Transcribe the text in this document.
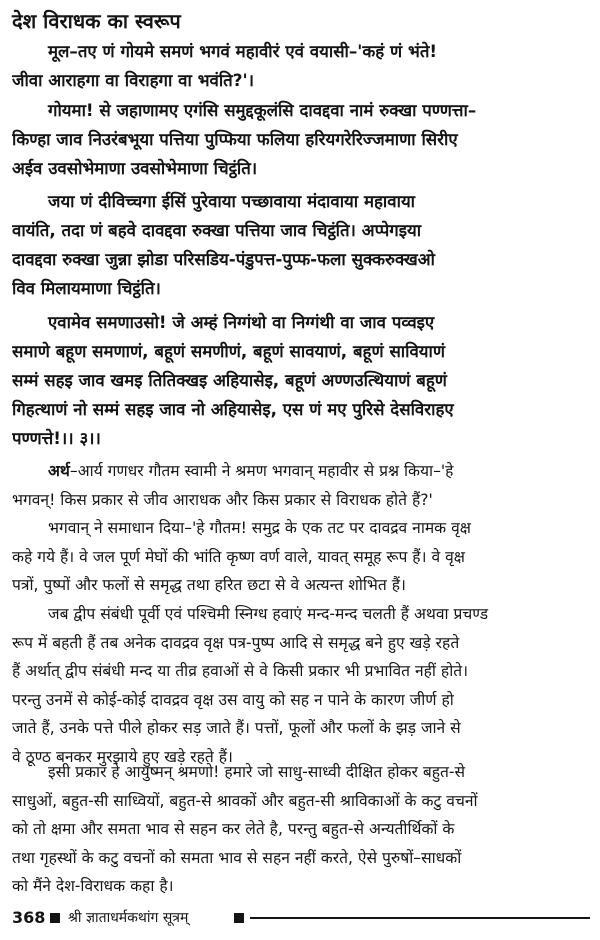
देश विराधक का स्वरूप
मूल–तए णं गोयमे समणं भगवं महावीरं एवं वयासी–'कहं णं भंते!
जीवा आराहगा वा विराहगा वा भवंति?'।
गोयमा! से जहाणामए एगंसि समुद्दकूलंसि दावद्दवा नामं रुक्खा पण्णत्ता–
किण्हा जाव निउरंबभूया पत्तिया पुप्फिया फलिया हरियगरेरिज्जमाणा सिरीए
अईव उवसोभेमाणा उवसोभेमाणा चिट्ठंति।
जया णं दीविच्चगा ईसिं पुरेवाया पच्छावाया मंदावाया महावाया
वायंति, तदा णं बहवे दावद्दवा रुक्खा पत्तिया जाव चिट्ठंति। अप्पेगइया
दावद्दवा रुक्खा जुन्ना झोडा परिसडिय-पंडुपत्त-पुप्फ-फला सुक्करुक्खओ
विव मिलायमाणा चिट्ठंति।
एवामेव समणाउसो! जे अम्हं निग्गंथो वा निग्गंथी वा जाव पव्वइए
समाणे बहूण समणाणं, बहूणं समणीणं, बहूणं सावयाणं, बहूणं सावियाणं
सम्मं सहइ जाव खमइ तितिक्खइ अहियासेइ, बहूणं अण्णउत्थियाणं बहूणं
गिहत्थाणं नो सम्मं सहइ जाव नो अहियासेइ, एस णं मए पुरिसे देसविराहए
पण्णत्ते!।। ३।।
अर्थ–आर्य गणधर गौतम स्वामी ने श्रमण भगवान् महावीर से प्रश्न किया–'हे
भगवन्! किस प्रकार से जीव आराधक और किस प्रकार से विराधक होते हैं?'
भगवान् ने समाधान दिया–'हे गौतम! समुद्र के एक तट पर दावद्रव नामक वृक्ष
कहे गये हैं। वे जल पूर्ण मेघों की भांति कृष्ण वर्ण वाले, यावत् समूह रूप हैं। वे वृक्ष
पत्रों, पुष्पों और फलों से समृद्ध तथा हरित छटा से वे अत्यन्त शोभित हैं।
जब द्वीप संबंधी पूर्वी एवं पश्चिमी स्निग्ध हवाएं मन्द-मन्द चलती हैं अथवा प्रचण्ड
रूप में बहती हैं तब अनेक दावद्रव वृक्ष पत्र-पुष्प आदि से समृद्ध बने हुए खड़े रहते
हैं अर्थात् द्वीप संबंधी मन्द या तीव्र हवाओं से वे किसी प्रकार भी प्रभावित नहीं होते।
परन्तु उनमें से कोई-कोई दावद्रव वृक्ष उस वायु को सह न पाने के कारण जीर्ण हो
जाते हैं, उनके पत्ते पीले होकर सड़ जाते हैं। पत्तों, फूलों और फलों के झड़ जाने से
वे ठूण्ठ बनकर मुरझाये हुए खड़े रहते हैं।
इसी प्रकार हे आयुष्मन् श्रमणो! हमारे जो साधु-साध्वी दीक्षित होकर बहुत-से
साधुओं, बहुत-सी साध्वियों, बहुत-से श्रावकों और बहुत-सी श्राविकाओं के कटु वचनों
को तो क्षमा और समता भाव से सहन कर लेते है, परन्तु बहुत-से अन्यतीर्थिकों के
तथा गृहस्थों के कटु वचनों को समता भाव से सहन नहीं करते, ऐसे पुरुषों–साधकों
को मैंने देश-विराधक कहा है।
368 श्री ज्ञाताधर्मकथांग सूत्रम्
